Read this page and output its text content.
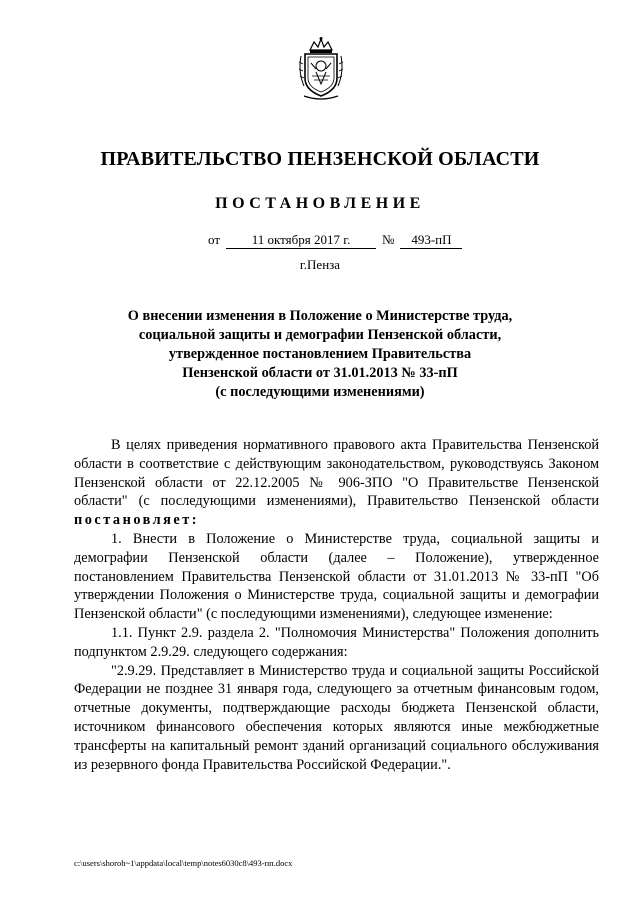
ПРАВИТЕЛЬСТВО ПЕНЗЕНСКОЙ ОБЛАСТИ
ПОСТАНОВЛЕНИЕ
от 11 октября 2017 г. № 493-пП
г.Пенза
О внесении изменения в Положение о Министерстве труда,
социальной защиты и демографии Пензенской области,
утвержденное постановлением Правительства
Пензенской области от 31.01.2013 № 33-пП
(с последующими изменениями)

В целях приведения нормативного правового акта Правительства Пензенской области в соответствие с действующим законодательством, руководствуясь Законом Пензенской области от 22.12.2005 № 906-ЗПО "О Правительстве Пензенской области" (с последующими изменениями), Правительство Пензенской области постановляет:

1. Внести в Положение о Министерстве труда, социальной защиты и демографии Пензенской области (далее – Положение), утвержденное постановлением Правительства Пензенской области от 31.01.2013 № 33-пП "Об утверждении Положения о Министерстве труда, социальной защиты и демографии Пензенской области" (с последующими изменениями), следующее изменение:

1.1. Пункт 2.9. раздела 2. "Полномочия Министерства" Положения дополнить подпунктом 2.9.29. следующего содержания:

"2.9.29. Представляет в Министерство труда и социальной защиты Российской Федерации не позднее 31 января года, следующего за отчетным финансовым годом, отчетные документы, подтверждающие расходы бюджета Пензенской области, источником финансового обеспечения которых являются иные межбюджетные трансферты на капитальный ремонт зданий организаций социального обслуживания из резервного фонда Правительства Российской Федерации.".

c:\users\shoroh~1\appdata\local\temp\notes6030c8\493-пп.docx
